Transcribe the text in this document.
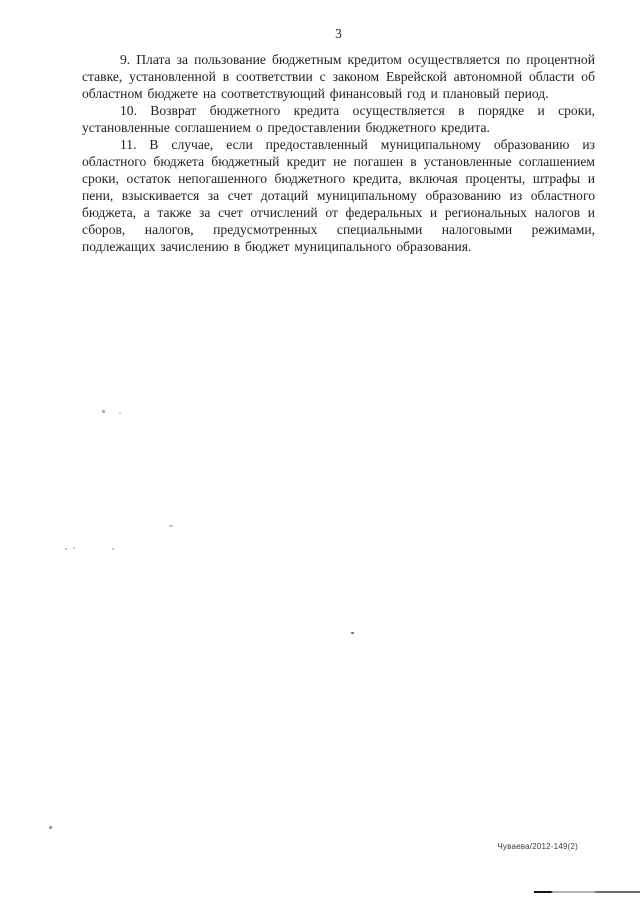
3

9. Плата за пользование бюджетным кредитом осуществляется по процентной ставке, установленной в соответствии с законом Еврейской автономной области об областном бюджете на соответствующий финансовый год и плановый период.

10. Возврат бюджетного кредита осуществляется в порядке и сроки, установленные соглашением о предоставлении бюджетного кредита.

11. В случае, если предоставленный муниципальному образованию из областного бюджета бюджетный кредит не погашен в установленные соглашением сроки, остаток непогашенного бюджетного кредита, включая проценты, штрафы и пени, взыскивается за счет дотаций муниципальному образованию из областного бюджета, а также за счет отчислений от федеральных и региональных налогов и сборов, налогов, предусмотренных специальными налоговыми режимами, подлежащих зачислению в бюджет муниципального образования.

Чуваева/2012-149(2)
